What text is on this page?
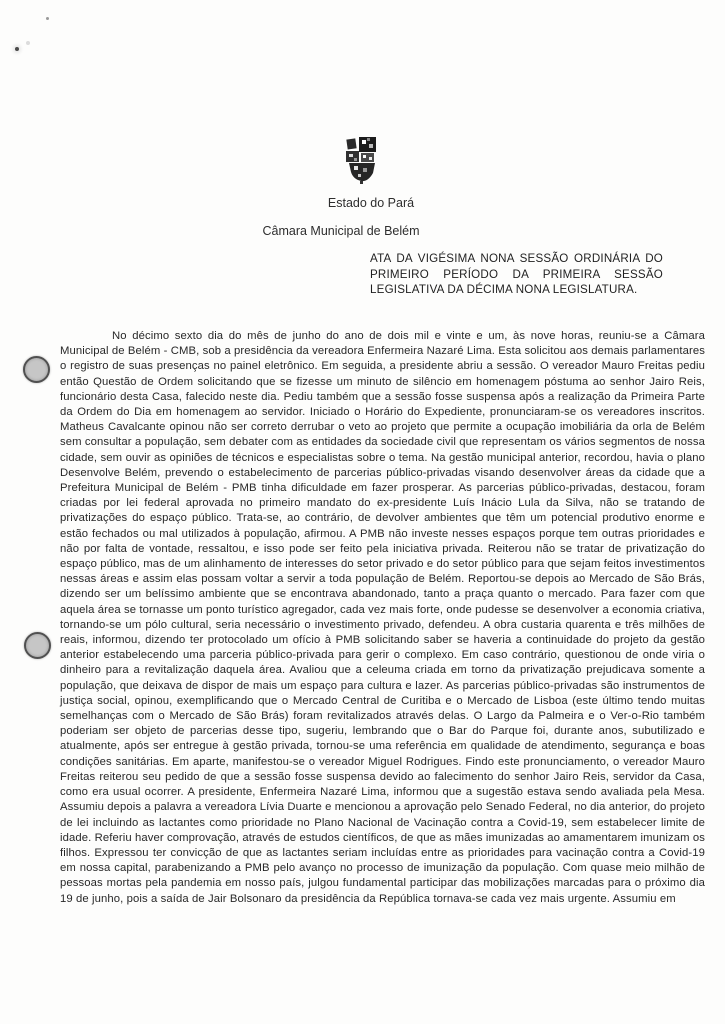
Estado do Pará
Câmara Municipal de Belém
ATA DA VIGÉSIMA NONA SESSÃO ORDINÁRIA DO PRIMEIRO PERÍODO DA PRIMEIRA SESSÃO LEGISLATIVA DA DÉCIMA NONA LEGISLATURA.
No décimo sexto dia do mês de junho do ano de dois mil e vinte e um, às nove horas, reuniu-se a Câmara Municipal de Belém - CMB, sob a presidência da vereadora Enfermeira Nazaré Lima. Esta solicitou aos demais parlamentares o registro de suas presenças no painel eletrônico. Em seguida, a presidente abriu a sessão. O vereador Mauro Freitas pediu então Questão de Ordem solicitando que se fizesse um minuto de silêncio em homenagem póstuma ao senhor Jairo Reis, funcionário desta Casa, falecido neste dia. Pediu também que a sessão fosse suspensa após a realização da Primeira Parte da Ordem do Dia em homenagem ao servidor. Iniciado o Horário do Expediente, pronunciaram-se os vereadores inscritos. Matheus Cavalcante opinou não ser correto derrubar o veto ao projeto que permite a ocupação imobiliária da orla de Belém sem consultar a população, sem debater com as entidades da sociedade civil que representam os vários segmentos de nossa cidade, sem ouvir as opiniões de técnicos e especialistas sobre o tema. Na gestão municipal anterior, recordou, havia o plano Desenvolve Belém, prevendo o estabelecimento de parcerias público-privadas visando desenvolver áreas da cidade que a Prefeitura Municipal de Belém - PMB tinha dificuldade em fazer prosperar. As parcerias público-privadas, destacou, foram criadas por lei federal aprovada no primeiro mandato do ex-presidente Luís Inácio Lula da Silva, não se tratando de privatizações do espaço público. Trata-se, ao contrário, de devolver ambientes que têm um potencial produtivo enorme e estão fechados ou mal utilizados à população, afirmou. A PMB não investe nesses espaços porque tem outras prioridades e não por falta de vontade, ressaltou, e isso pode ser feito pela iniciativa privada. Reiterou não se tratar de privatização do espaço público, mas de um alinhamento de interesses do setor privado e do setor público para que sejam feitos investimentos nessas áreas e assim elas possam voltar a servir a toda população de Belém. Reportou-se depois ao Mercado de São Brás, dizendo ser um belíssimo ambiente que se encontrava abandonado, tanto a praça quanto o mercado. Para fazer com que aquela área se tornasse um ponto turístico agregador, cada vez mais forte, onde pudesse se desenvolver a economia criativa, tornando-se um pólo cultural, seria necessário o investimento privado, defendeu. A obra custaria quarenta e três milhões de reais, informou, dizendo ter protocolado um ofício à PMB solicitando saber se haveria a continuidade do projeto da gestão anterior estabelecendo uma parceria público-privada para gerir o complexo. Em caso contrário, questionou de onde viria o dinheiro para a revitalização daquela área. Avaliou que a celeuma criada em torno da privatização prejudicava somente a população, que deixava de dispor de mais um espaço para cultura e lazer. As parcerias público-privadas são instrumentos de justiça social, opinou, exemplificando que o Mercado Central de Curitiba e o Mercado de Lisboa (este último tendo muitas semelhanças com o Mercado de São Brás) foram revitalizados através delas. O Largo da Palmeira e o Ver-o-Rio também poderiam ser objeto de parcerias desse tipo, sugeriu, lembrando que o Bar do Parque foi, durante anos, subutilizado e atualmente, após ser entregue à gestão privada, tornou-se uma referência em qualidade de atendimento, segurança e boas condições sanitárias. Em aparte, manifestou-se o vereador Miguel Rodrigues. Findo este pronunciamento, o vereador Mauro Freitas reiterou seu pedido de que a sessão fosse suspensa devido ao falecimento do senhor Jairo Reis, servidor da Casa, como era usual ocorrer. A presidente, Enfermeira Nazaré Lima, informou que a sugestão estava sendo avaliada pela Mesa. Assumiu depois a palavra a vereadora Lívia Duarte e mencionou a aprovação pelo Senado Federal, no dia anterior, do projeto de lei incluindo as lactantes como prioridade no Plano Nacional de Vacinação contra a Covid-19, sem estabelecer limite de idade. Referiu haver comprovação, através de estudos científicos, de que as mães imunizadas ao amamentarem imunizam os filhos. Expressou ter convicção de que as lactantes seriam incluídas entre as prioridades para vacinação contra a Covid-19 em nossa capital, parabenizando a PMB pelo avanço no processo de imunização da população. Com quase meio milhão de pessoas mortas pela pandemia em nosso país, julgou fundamental participar das mobilizações marcadas para o próximo dia 19 de junho, pois a saída de Jair Bolsonaro da presidência da República tornava-se cada vez mais urgente. Assumiu em
